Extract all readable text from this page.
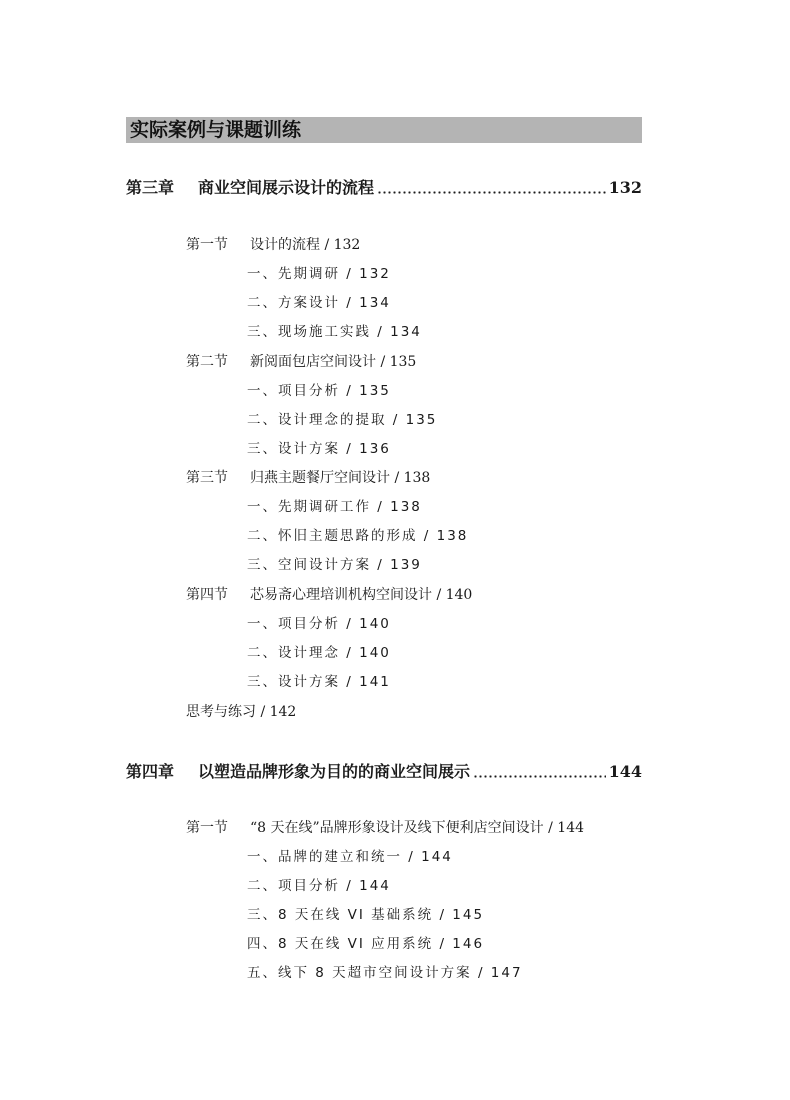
实际案例与课题训练
第三章 商业空间展示设计的流程	132
第一节 设计的流程 / 132
一、先期调研 / 132
二、方案设计 / 134
三、现场施工实践 / 134
第二节 新阅面包店空间设计 / 135
一、项目分析 / 135
二、设计理念的提取 / 135
三、设计方案 / 136
第三节 归燕主题餐厅空间设计 / 138
一、先期调研工作 / 138
二、怀旧主题思路的形成 / 138
三、空间设计方案 / 139
第四节 芯易斋心理培训机构空间设计 / 140
一、项目分析 / 140
二、设计理念 / 140
三、设计方案 / 141
思考与练习 / 142
第四章 以塑造品牌形象为目的的商业空间展示	144
第一节 “8 天在线”品牌形象设计及线下便利店空间设计 / 144
一、品牌的建立和统一 / 144
二、项目分析 / 144
三、8 天在线 VI 基础系统 / 145
四、8 天在线 VI 应用系统 / 146
五、线下 8 天超市空间设计方案 / 147
